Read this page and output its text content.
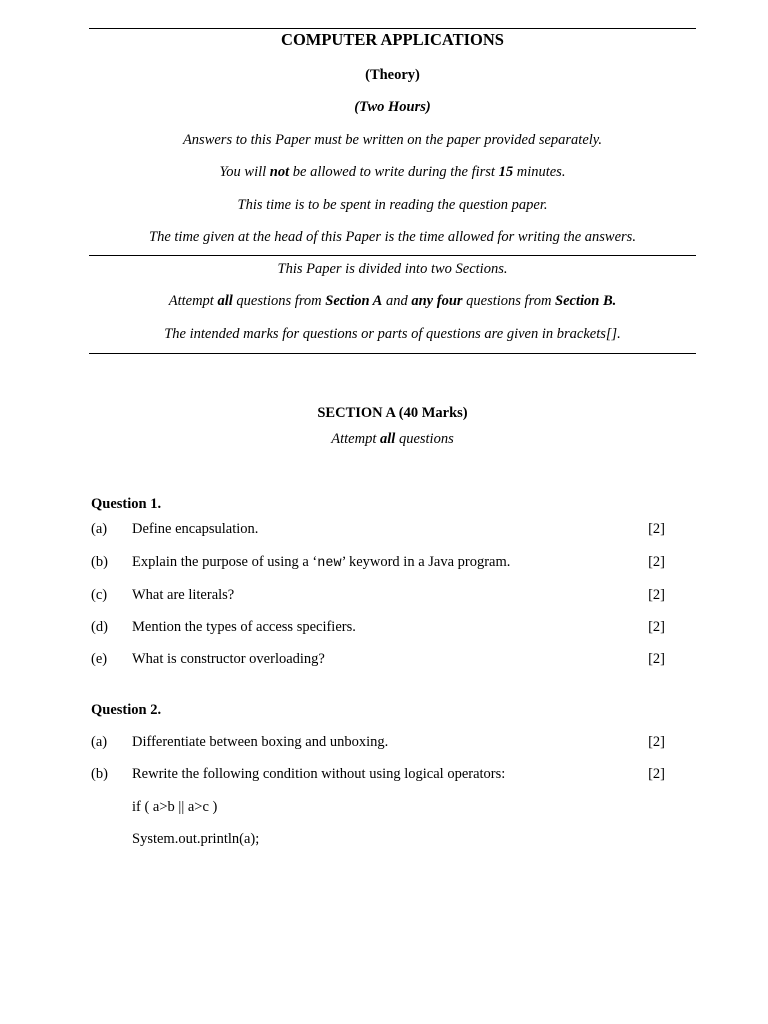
COMPUTER APPLICATIONS
(Theory)
(Two Hours)
Answers to this Paper must be written on the paper provided separately.
You will not be allowed to write during the first 15 minutes.
This time is to be spent in reading the question paper.
The time given at the head of this Paper is the time allowed for writing the answers.
This Paper is divided into two Sections.
Attempt all questions from Section A and any four questions from Section B.
The intended marks for questions or parts of questions are given in brackets[].
SECTION A (40 Marks)
Attempt all questions
Question 1.
(a) Define encapsulation.	[2]
(b) Explain the purpose of using a ‘new’ keyword in a Java program.	[2]
(c) What are literals?	[2]
(d) Mention the types of access specifiers.	[2]
(e) What is constructor overloading?	[2]
Question 2.
(a) Differentiate between boxing and unboxing.	[2]
(b) Rewrite the following condition without using logical operators:	[2]
if ( a>b || a>c )
System.out.println(a);
